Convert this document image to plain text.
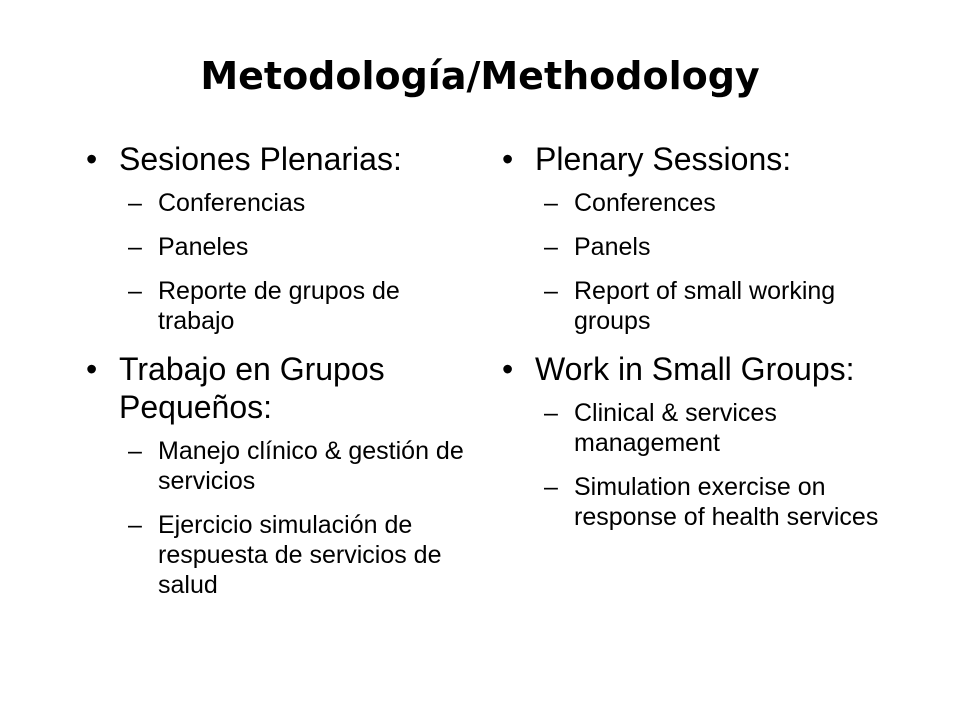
Metodología/Methodology
• Sesiones Plenarias:
– Conferencias
– Paneles
– Reporte de grupos de trabajo
• Trabajo en Grupos Pequeños:
– Manejo clínico & gestión de servicios
– Ejercicio simulación de respuesta de servicios de salud
• Plenary Sessions:
– Conferences
– Panels
– Report of small working groups
• Work in Small Groups:
– Clinical & services management
– Simulation exercise on response of health services
